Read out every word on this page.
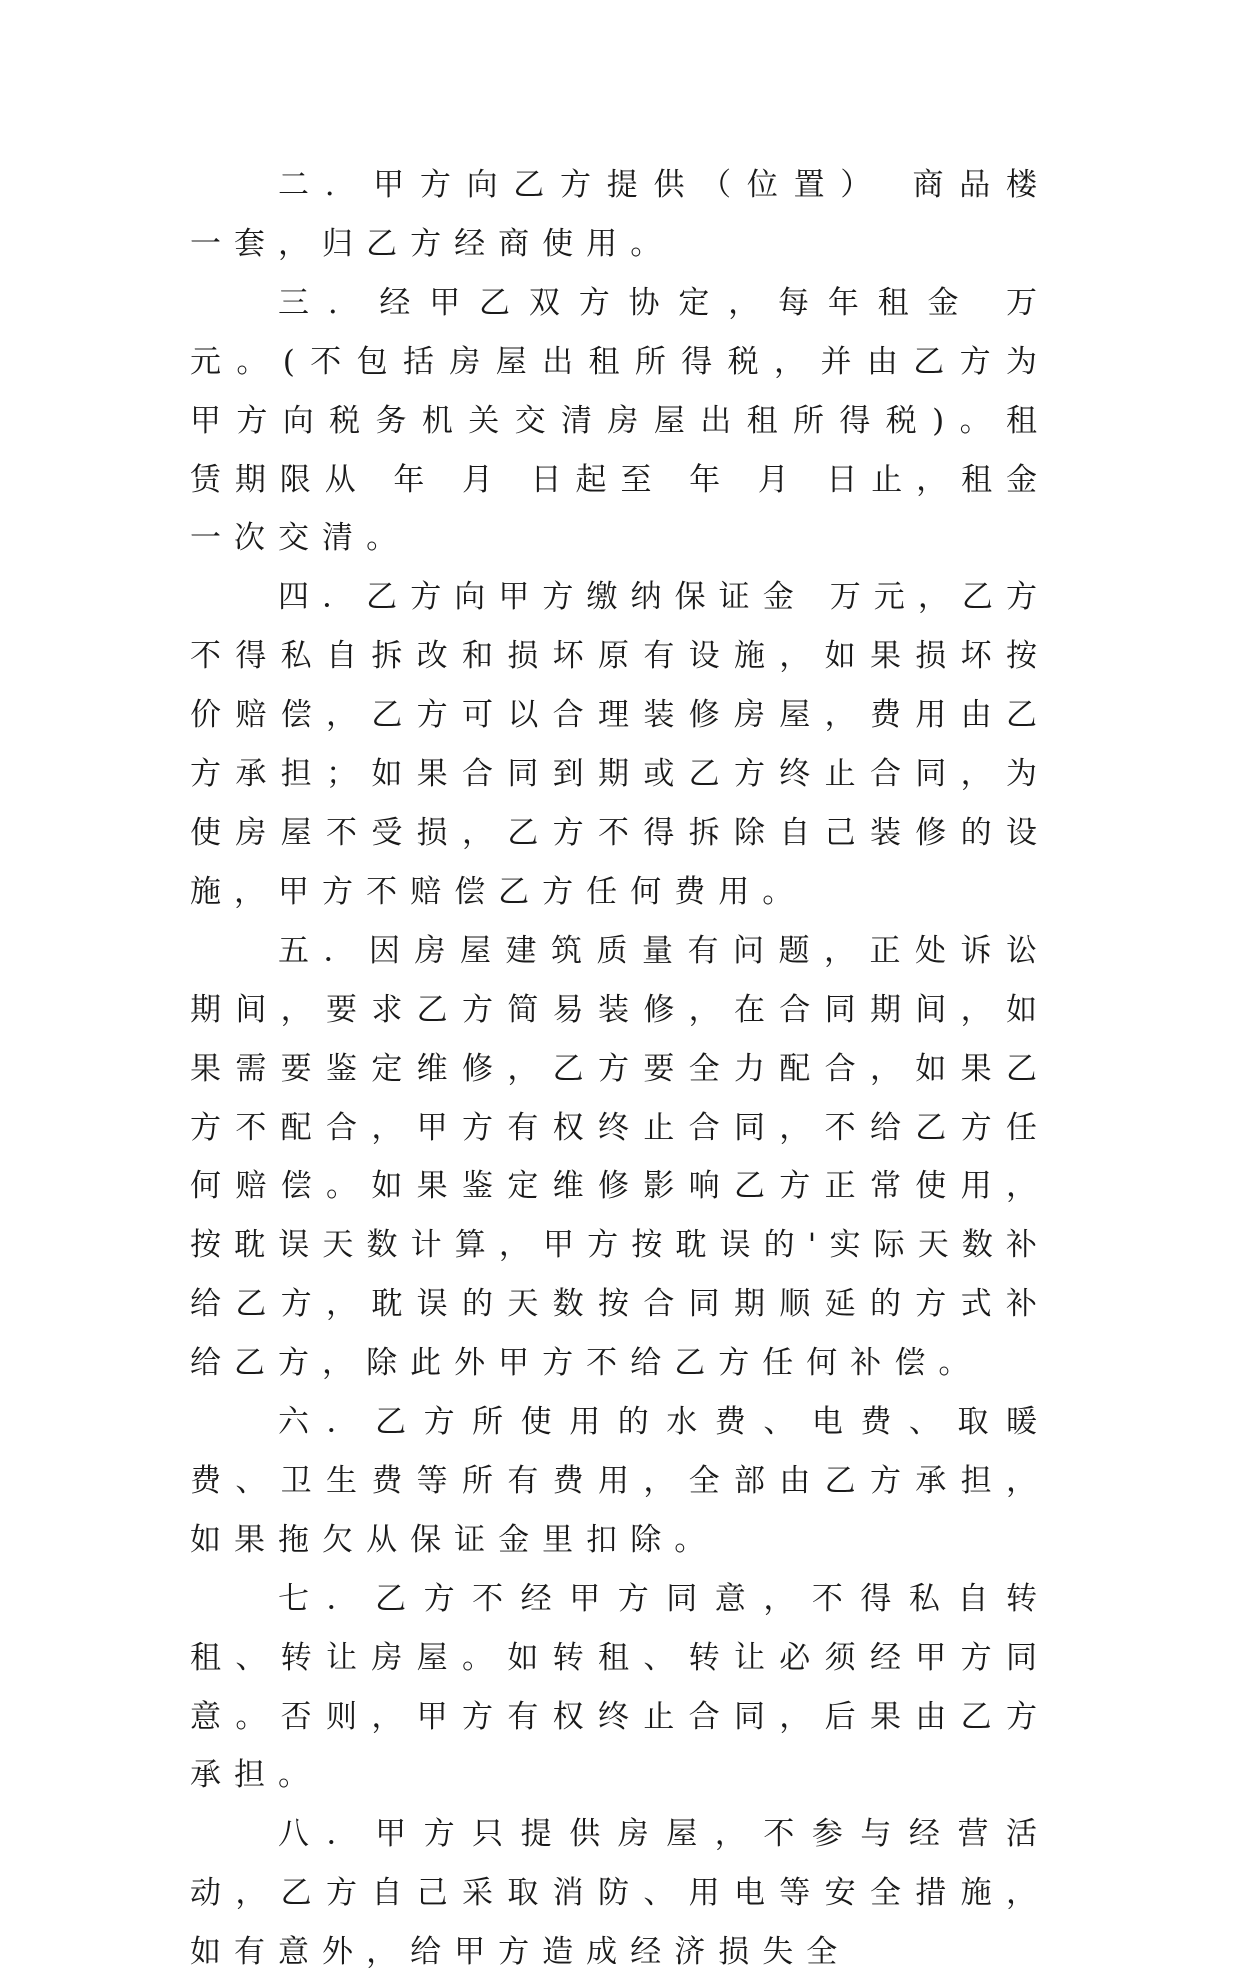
二. 甲方向乙方提供（位置） 商品楼一套，归乙方经商使用。

三. 经甲乙双方协定，每年租金 万元。(不包括房屋出租所得税，并由乙方为甲方向税务机关交清房屋出租所得税)。租赁期限从 年 月 日起至 年 月 日止，租金一次交清。

四．乙方向甲方缴纳保证金 万元，乙方不得私自拆改和损坏原有设施，如果损坏按价赔偿，乙方可以合理装修房屋，费用由乙方承担；如果合同到期或乙方终止合同，为使房屋不受损，乙方不得拆除自己装修的设施，甲方不赔偿乙方任何费用。

五．因房屋建筑质量有问题，正处诉讼期间，要求乙方简易装修，在合同期间，如果需要鉴定维修，乙方要全力配合，如果乙方不配合，甲方有权终止合同，不给乙方任何赔偿。如果鉴定维修影响乙方正常使用，按耽误天数计算，甲方按耽误的'实际天数补给乙方，耽误的天数按合同期顺延的方式补给乙方，除此外甲方不给乙方任何补偿。

六．乙方所使用的水费、电费、取暖费、卫生费等所有费用，全部由乙方承担，如果拖欠从保证金里扣除。

七．乙方不经甲方同意，不得私自转租、转让房屋。如转租、转让必须经甲方同意。否则，甲方有权终止合同，后果由乙方承担。

八．甲方只提供房屋，不参与经营活动，乙方自己采取消防、用电等安全措施，如有意外，给甲方造成经济损失全
